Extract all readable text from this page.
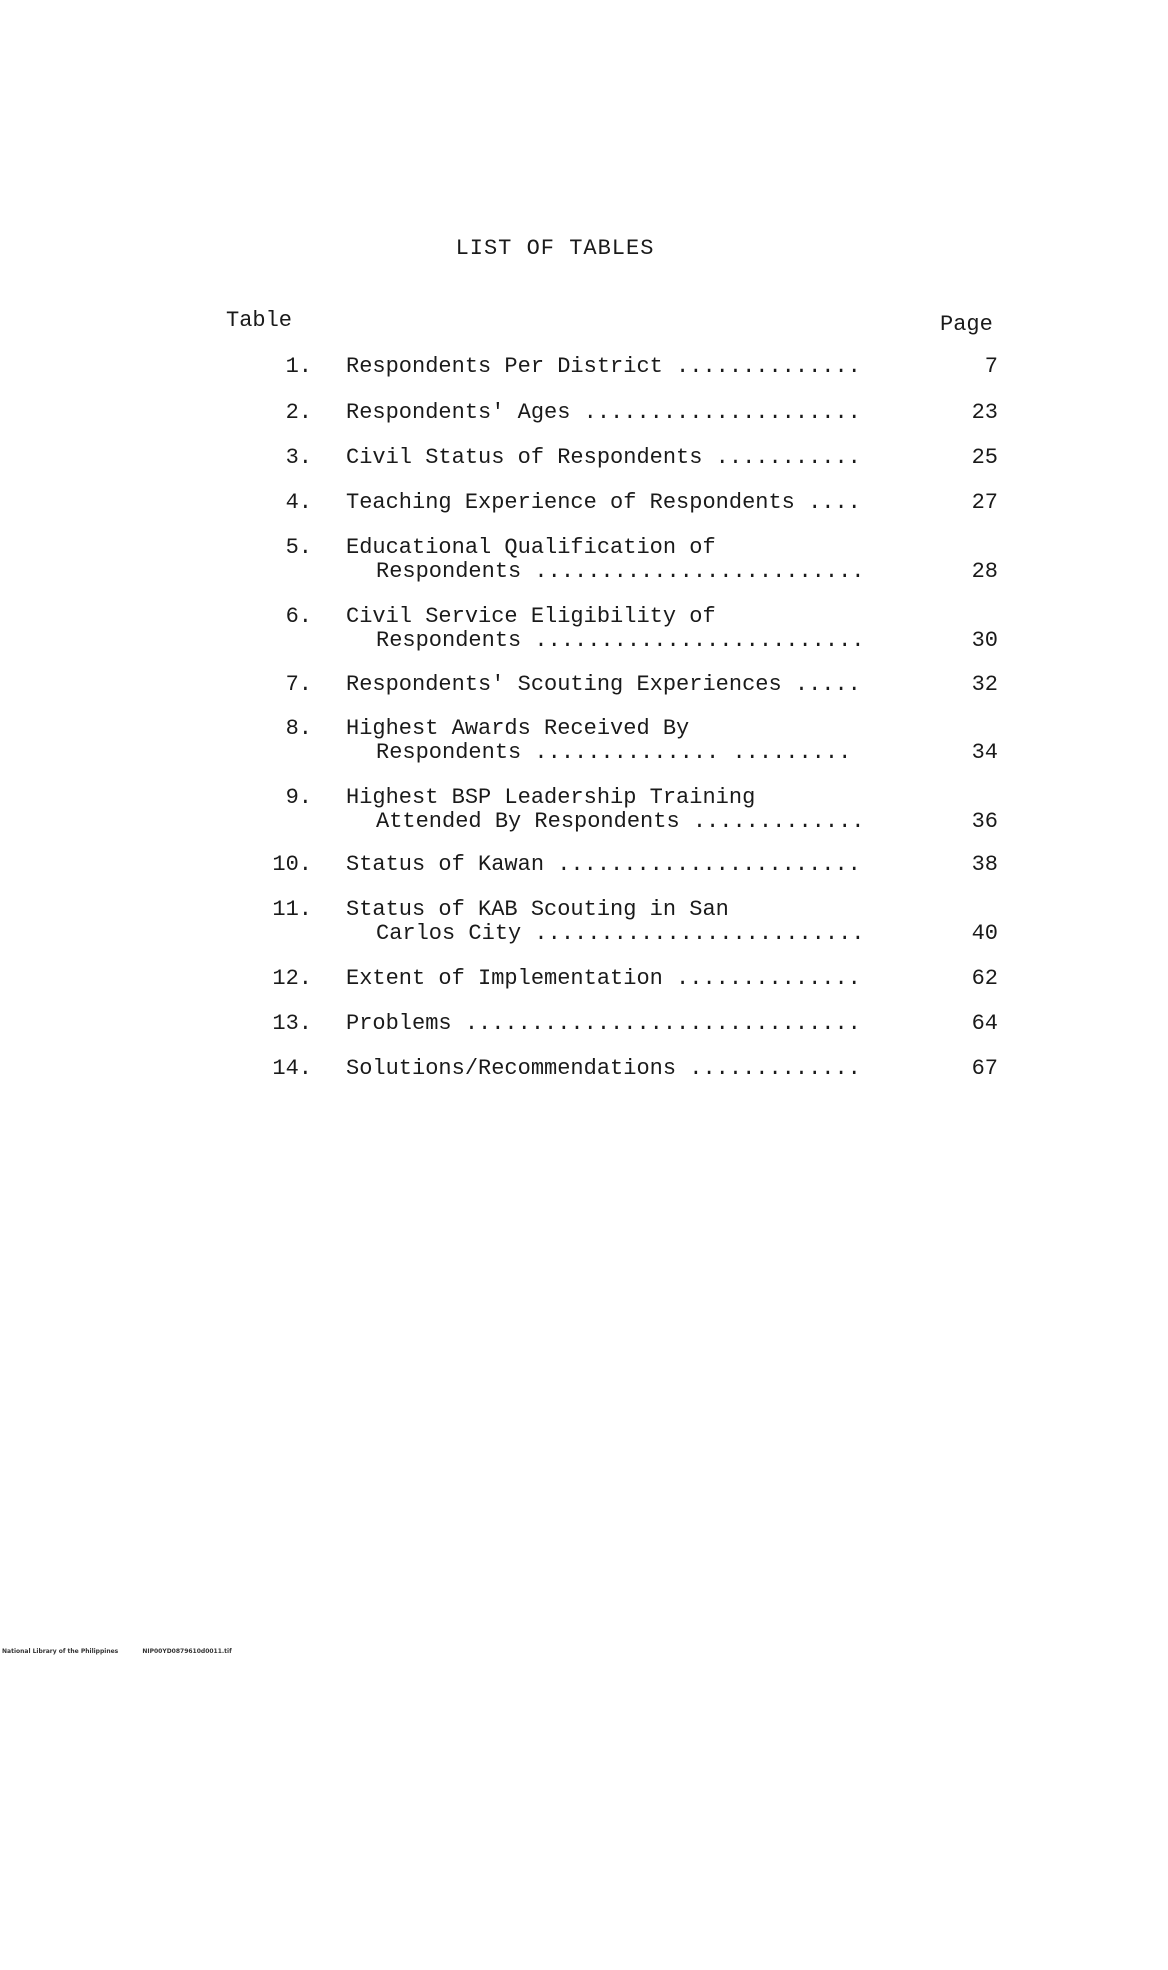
LIST OF TABLES
Table	Page
1. Respondents Per District ..............	7
2. Respondents' Ages .....................	23
3. Civil Status of Respondents ...........	25
4. Teaching Experience of Respondents ....	27
5. Educational Qualification of
Respondents .........................	28
6. Civil Service Eligibility of
Respondents .........................	30
7. Respondents' Scouting Experiences .....	32
8. Highest Awards Received By
Respondents .............. .........	34
9. Highest BSP Leadership Training
Attended By Respondents .............	36
10. Status of Kawan .......................	38
11. Status of KAB Scouting in San
Carlos City .........................	40
12. Extent of Implementation ..............	62
13. Problems ..............................	64
14. Solutions/Recommendations .............	67
National Library of the Philippines	NIP00YD0879610d0011.tif
